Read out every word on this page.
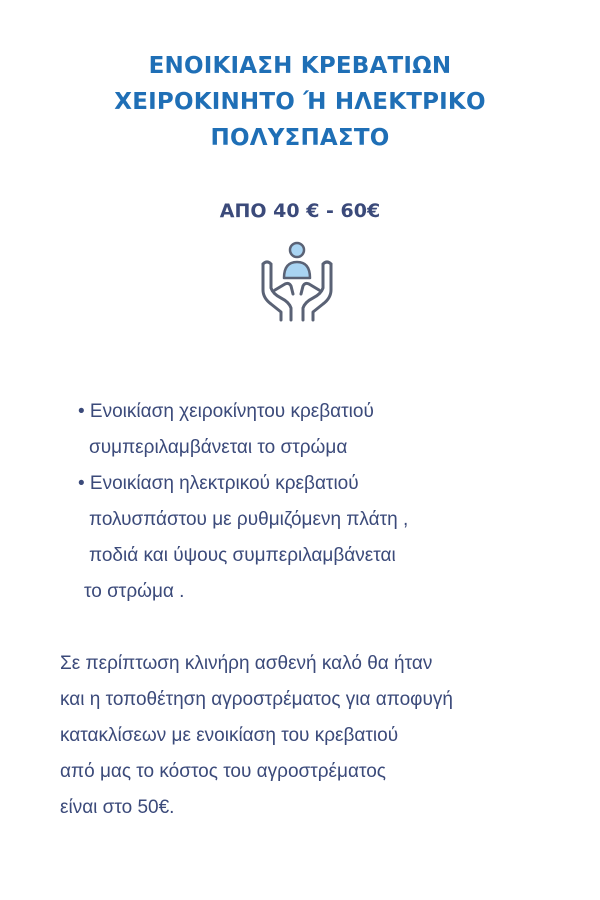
ΕΝΟΙΚΙΑΣΗ ΚΡΕΒΑΤΙΩΝ
ΧΕΙΡΟΚΙΝΗΤΟ Ή ΗΛΕΚΤΡΙΚΟ
ΠΟΛΥΣΠΑΣΤΟ
ΑΠΟ 40 € - 60€
• Ενοικίαση χειροκίνητου κρεβατιού
συμπεριλαμβάνεται το στρώμα
• Ενοικίαση ηλεκτρικού κρεβατιού
πολυσπάστου με ρυθμιζόμενη πλάτη ,
ποδιά και ύψους συμπεριλαμβάνεται
το στρώμα .
Σε περίπτωση κλινήρη ασθενή καλό θα ήταν
και η τοποθέτηση αγροστρέματος για αποφυγή
κατακλίσεων με ενοικίαση του κρεβατιού
από μας το κόστος του αγροστρέματος
είναι στο 50€.
